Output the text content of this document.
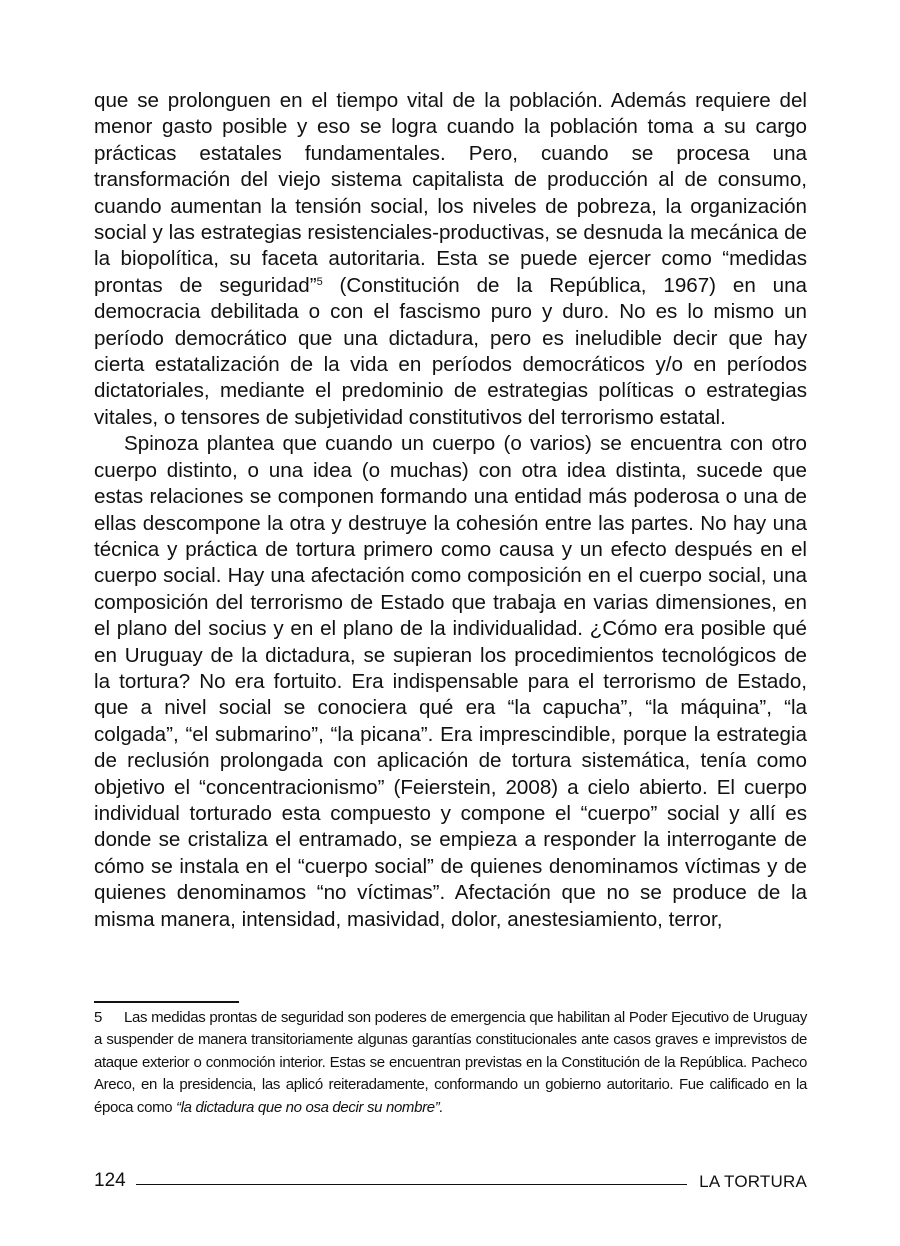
que se prolonguen en el tiempo vital de la población. Además requiere del menor gasto posible y eso se logra cuando la población toma a su cargo prácticas estatales fundamentales. Pero, cuando se procesa una transformación del viejo sistema capitalista de producción al de consumo, cuando aumentan la tensión social, los niveles de pobreza, la organización social y las estrategias resistenciales-productivas, se desnuda la mecánica de la biopolítica, su faceta autoritaria. Esta se puede ejercer como “medidas prontas de seguridad”$^5$ (Constitución de la República, 1967) en una democracia debilitada o con el fascismo puro y duro. No es lo mismo un período democrático que una dictadura, pero es ineludible decir que hay cierta estatalización de la vida en períodos democráticos y/o en períodos dictatoriales, mediante el predominio de estrategias políticas o estrategias vitales, o tensores de subjetividad constitutivos del terrorismo estatal.

Spinoza plantea que cuando un cuerpo (o varios) se encuentra con otro cuerpo distinto, o una idea (o muchas) con otra idea distinta, sucede que estas relaciones se componen formando una entidad más poderosa o una de ellas descompone la otra y destruye la cohesión entre las partes. No hay una técnica y práctica de tortura primero como causa y un efecto después en el cuerpo social. Hay una afectación como composición en el cuerpo social, una composición del terrorismo de Estado que trabaja en varias dimensiones, en el plano del socius y en el plano de la individualidad. ¿Cómo era posible qué en Uruguay de la dictadura, se supieran los procedimientos tecnológicos de la tortura? No era fortuito. Era indispensable para el terrorismo de Estado, que a nivel social se conociera qué era “la capucha”, “la máquina”, “la colgada”, “el submarino”, “la picana”. Era imprescindible, porque la estrategia de reclusión prolongada con aplicación de tortura sistemática, tenía como objetivo el “concentracionismo” (Feierstein, 2008) a cielo abierto. El cuerpo individual torturado esta compuesto y compone el “cuerpo” social y allí es donde se cristaliza el entramado, se empieza a responder la interrogante de cómo se instala en el “cuerpo social” de quienes denominamos víctimas y de quienes denominamos “no víctimas”. Afectación que no se produce de la misma manera, intensidad, masividad, dolor, anestesiamiento, terror,

5 Las medidas prontas de seguridad son poderes de emergencia que habilitan al Poder Ejecutivo de Uruguay a suspender de manera transitoriamente algunas garantías constitucionales ante casos graves e imprevistos de ataque exterior o conmoción interior. Estas se encuentran previstas en la Constitución de la República. Pacheco Areco, en la presidencia, las aplicó reiteradamente, conformando un gobierno autoritario. Fue calificado en la época como “la dictadura que no osa decir su nombre”.

124	LA TORTURA
